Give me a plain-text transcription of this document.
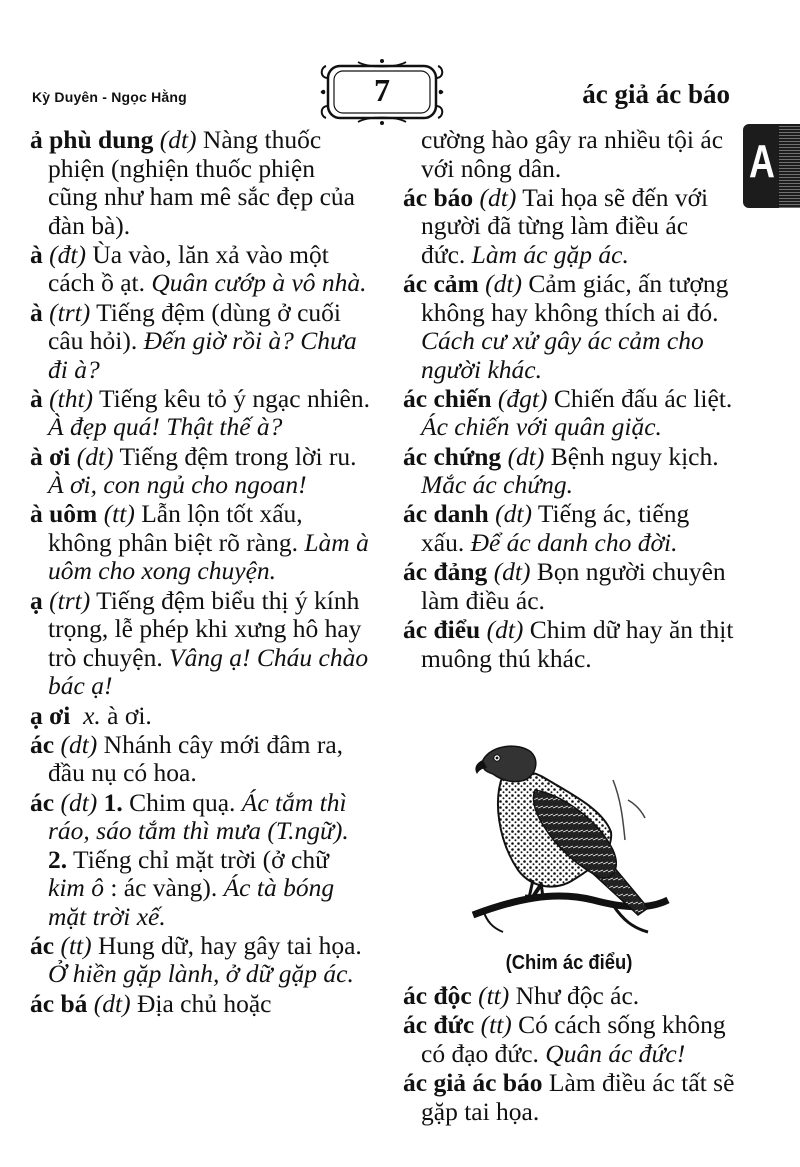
Kỳ Duyên - Ngọc Hằng	7	ác giả ác báo
A
ả phù dung (dt) Nàng thuốc phiện (nghiện thuốc phiện cũng như ham mê sắc đẹp của đàn bà).
à (đt) Ùa vào, lăn xả vào một cách ồ ạt. Quân cướp à vô nhà.
à (trt) Tiếng đệm (dùng ở cuối câu hỏi). Đến giờ rồi à? Chưa đi à?
à (tht) Tiếng kêu tỏ ý ngạc nhiên. À đẹp quá! Thật thế à?
à ơi (dt) Tiếng đệm trong lời ru. À ơi, con ngủ cho ngoan!
à uôm (tt) Lẫn lộn tốt xấu, không phân biệt rõ ràng. Làm à uôm cho xong chuyện.
ạ (trt) Tiếng đệm biểu thị ý kính trọng, lễ phép khi xưng hô hay trò chuyện. Vâng ạ! Cháu chào bác ạ!
ạ ơi x. à ơi.
ác (dt) Nhánh cây mới đâm ra, đầu nụ có hoa.
ác (dt) 1. Chim quạ. Ác tắm thì ráo, sáo tắm thì mưa (T.ngữ). 2. Tiếng chỉ mặt trời (ở chữ kim ô : ác vàng). Ác tà bóng mặt trời xế.
ác (tt) Hung dữ, hay gây tai họa. Ở hiền gặp lành, ở dữ gặp ác.
ác bá (dt) Địa chủ hoặc
cường hào gây ra nhiều tội ác với nông dân.
ác báo (dt) Tai họa sẽ đến với người đã từng làm điều ác đức. Làm ác gặp ác.
ác cảm (dt) Cảm giác, ấn tượng không hay không thích ai đó. Cách cư xử gây ác cảm cho người khác.
ác chiến (đgt) Chiến đấu ác liệt. Ác chiến với quân giặc.
ác chứng (dt) Bệnh nguy kịch. Mắc ác chứng.
ác danh (dt) Tiếng ác, tiếng xấu. Để ác danh cho đời.
ác đảng (dt) Bọn người chuyên làm điều ác.
ác điểu (dt) Chim dữ hay ăn thịt muông thú khác.
(Chim ác điểu)
ác độc (tt) Như độc ác.
ác đức (tt) Có cách sống không có đạo đức. Quân ác đức!
ác giả ác báo Làm điều ác tất sẽ gặp tai họa.
